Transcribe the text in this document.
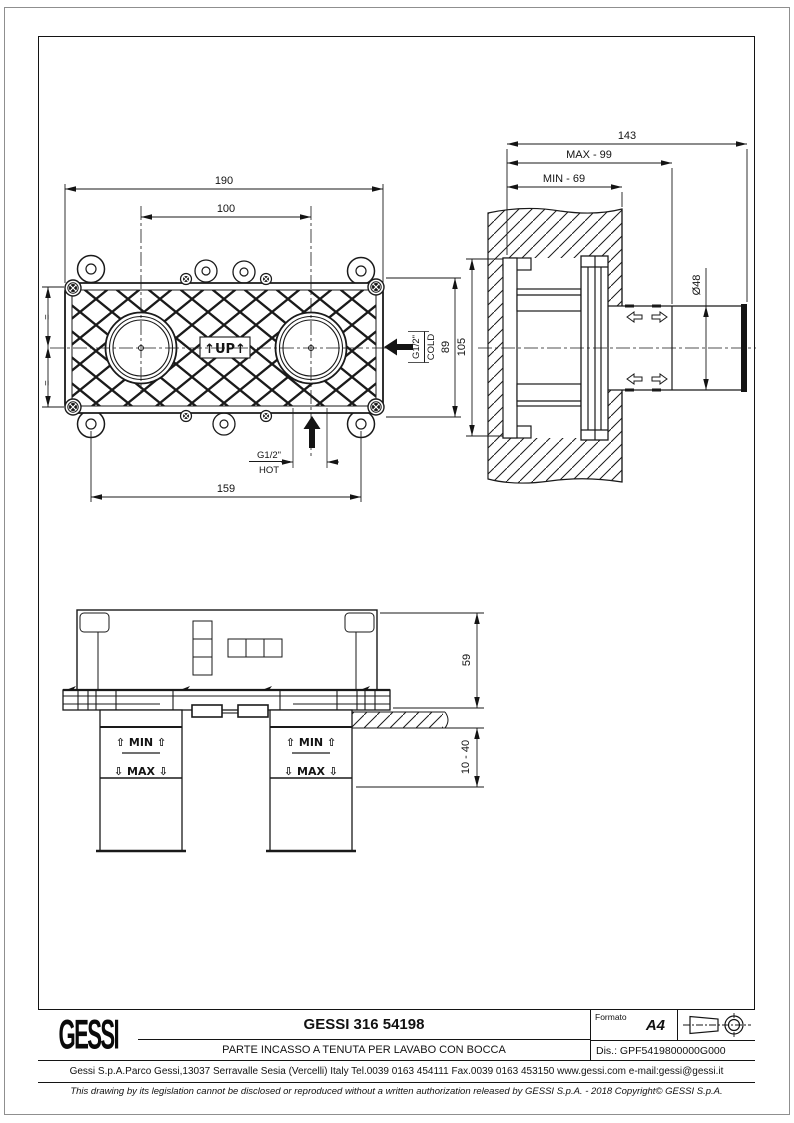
↑UP↑
190
100
159
89
=
=
G1/2" COLD
G1/2"
HOT
143
MAX - 99
MIN - 69
Ø48
105
⇧ MIN ⇧
⇩ MAX ⇩
⇧ MIN ⇧
⇩ MAX ⇩
59
10 - 40
GESSI	GESSI 316 54198
PARTE INCASSO A TENUTA PER LAVABO CON BOCCA
Formato A4
Dis.: GPF5419800000G000
Gessi S.p.A.Parco Gessi,13037 Serravalle Sesia (Vercelli) Italy Tel.0039 0163 454111 Fax.0039 0163 453150 www.gessi.com e-mail:gessi@gessi.it
This drawing by its legislation cannot be disclosed or reproduced without a written authorization released by GESSI S.p.A. - 2018 Copyright© GESSI S.p.A.
